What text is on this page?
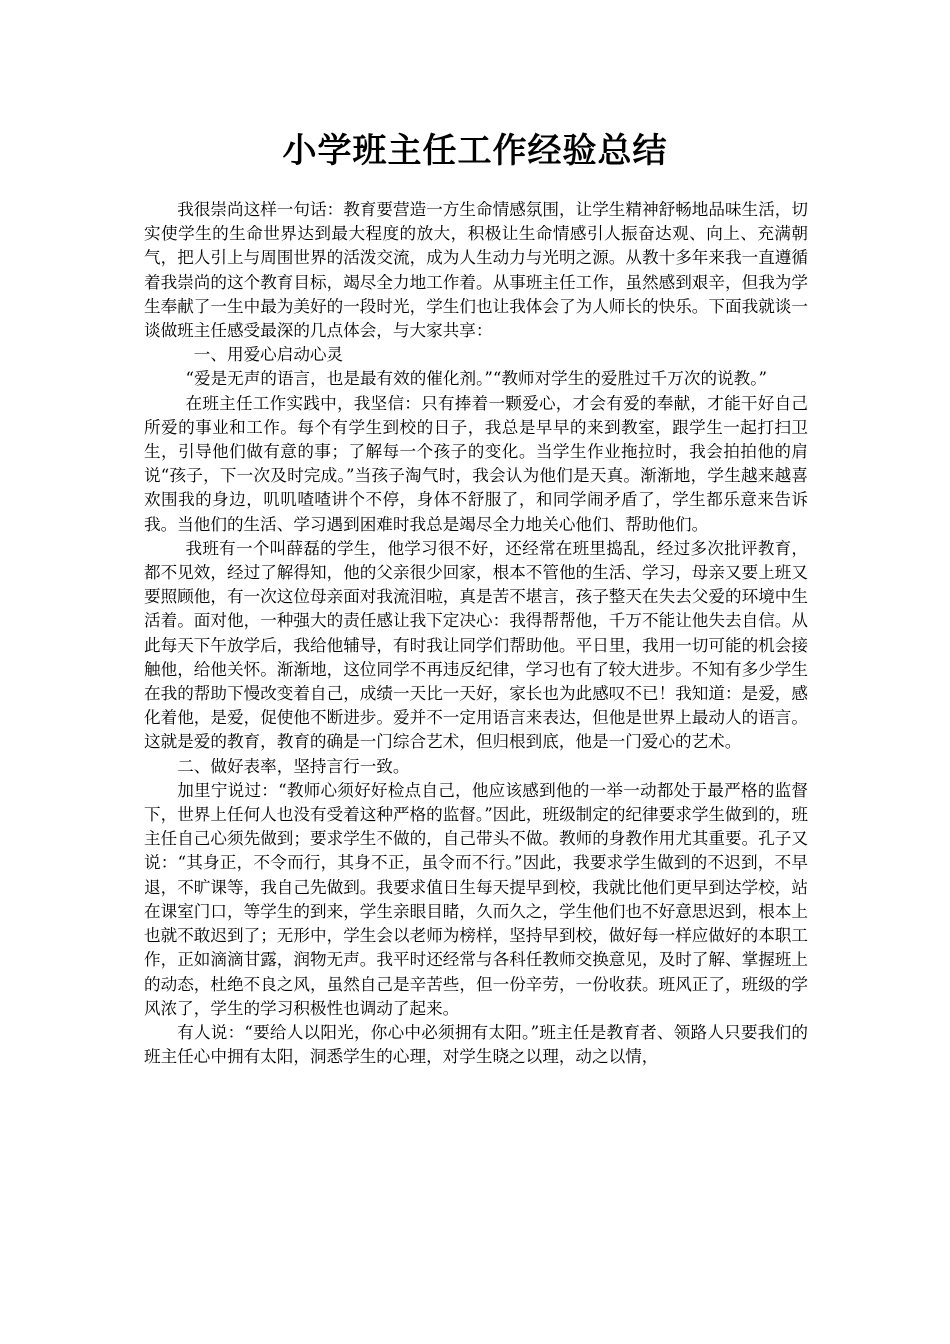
小学班主任工作经验总结

我很崇尚这样一句话：教育要营造一方生命情感氛围，让学生精神舒畅地品味生活，切实使学生的生命世界达到最大程度的放大，积极让生命情感引人振奋达观、向上、充满朝气，把人引上与周围世界的活泼交流，成为人生动力与光明之源。从教十多年来我一直遵循着我崇尚的这个教育目标，竭尽全力地工作着。从事班主任工作，虽然感到艰辛，但我为学生奉献了一生中最为美好的一段时光，学生们也让我体会了为人师长的快乐。下面我就谈一谈做班主任感受最深的几点体会，与大家共享：

一、用爱心启动心灵

“爱是无声的语言，也是最有效的催化剂。”“教师对学生的爱胜过千万次的说教。”

在班主任工作实践中，我坚信：只有捧着一颗爱心，才会有爱的奉献，才能干好自己所爱的事业和工作。每个有学生到校的日子，我总是早早的来到教室，跟学生一起打扫卫生，引导他们做有意的事；了解每一个孩子的变化。当学生作业拖拉时，我会拍拍他的肩说“孩子，下一次及时完成。”当孩子淘气时，我会认为他们是天真。渐渐地，学生越来越喜欢围我的身边，叽叽喳喳讲个不停，身体不舒服了，和同学闹矛盾了，学生都乐意来告诉我。当他们的生活、学习遇到困难时我总是竭尽全力地关心他们、帮助他们。

我班有一个叫薛磊的学生，他学习很不好，还经常在班里捣乱，经过多次批评教育，都不见效，经过了解得知，他的父亲很少回家，根本不管他的生活、学习，母亲又要上班又要照顾他，有一次这位母亲面对我流泪啦，真是苦不堪言，孩子整天在失去父爱的环境中生活着。面对他，一种强大的责任感让我下定决心：我得帮帮他，千万不能让他失去自信。从此每天下午放学后，我给他辅导，有时我让同学们帮助他。平日里，我用一切可能的机会接触他，给他关怀。渐渐地，这位同学不再违反纪律，学习也有了较大进步。不知有多少学生在我的帮助下慢改变着自己，成绩一天比一天好，家长也为此感叹不已！我知道：是爱，感化着他，是爱，促使他不断进步。爱并不一定用语言来表达，但他是世界上最动人的语言。这就是爱的教育，教育的确是一门综合艺术，但归根到底，他是一门爱心的艺术。

二、做好表率，坚持言行一致。

加里宁说过：“教师心须好好检点自己，他应该感到他的一举一动都处于最严格的监督下，世界上任何人也没有受着这种严格的监督。”因此，班级制定的纪律要求学生做到的，班主任自己心须先做到；要求学生不做的，自己带头不做。教师的身教作用尤其重要。孔子又说：“其身正，不令而行，其身不正，虽令而不行。”因此，我要求学生做到的不迟到，不早退，不旷课等，我自己先做到。我要求值日生每天提早到校，我就比他们更早到达学校，站在课室门口，等学生的到来，学生亲眼目睹，久而久之，学生他们也不好意思迟到，根本上也就不敢迟到了；无形中，学生会以老师为榜样，坚持早到校，做好每一样应做好的本职工作，正如滴滴甘露，润物无声。我平时还经常与各科任教师交换意见，及时了解、掌握班上的动态，杜绝不良之风，虽然自己是辛苦些，但一份辛劳，一份收获。班风正了，班级的学风浓了，学生的学习积极性也调动了起来。

有人说：“要给人以阳光，你心中必须拥有太阳。”班主任是教育者、领路人只要我们的班主任心中拥有太阳，洞悉学生的心理，对学生晓之以理，动之以情，
